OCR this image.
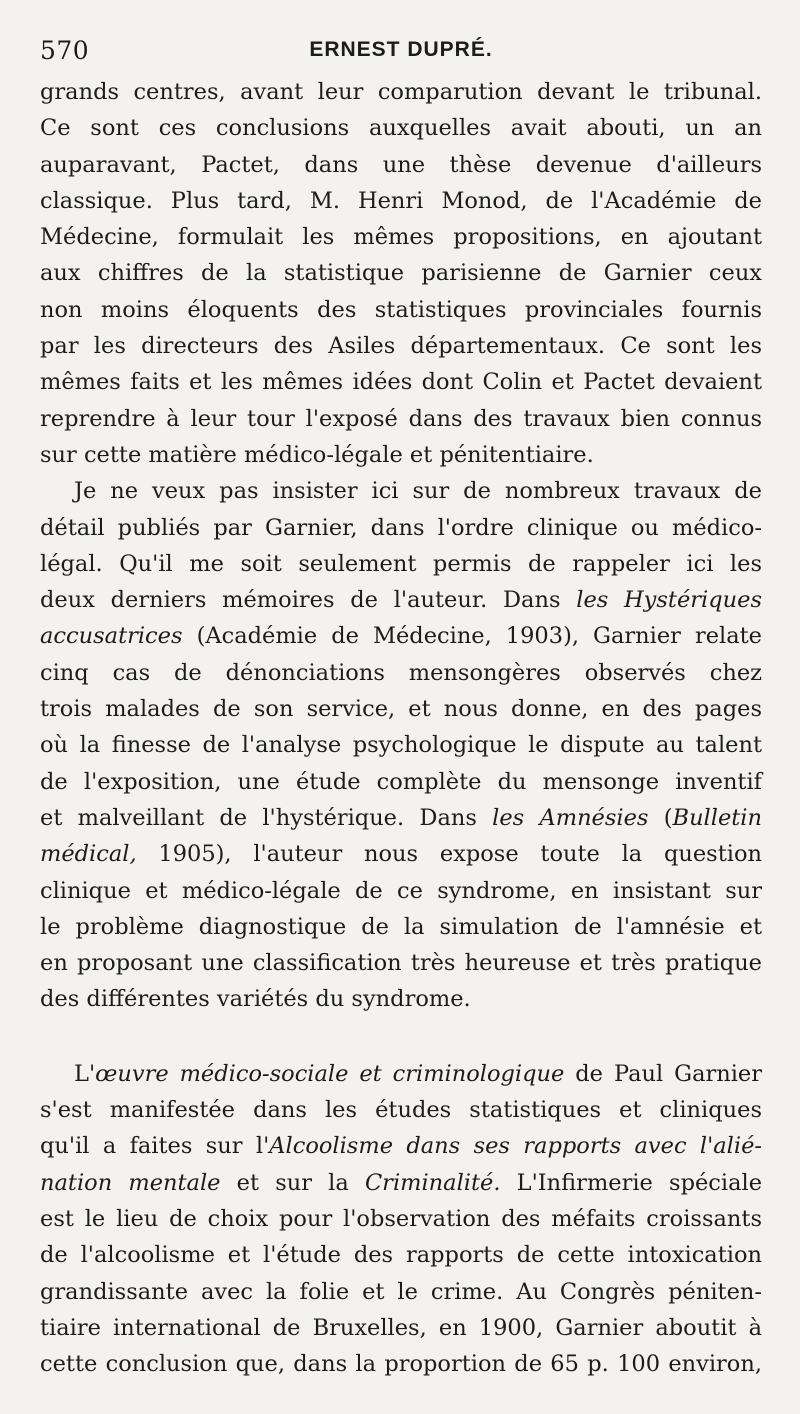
570	ERNEST DUPRÉ.
grands centres, avant leur comparution devant le tribunal.
Ce sont ces conclusions auxquelles avait abouti, un an
auparavant, Pactet, dans une thèse devenue d'ailleurs
classique. Plus tard, M. Henri Monod, de l'Académie de
Médecine, formulait les mêmes propositions, en ajoutant
aux chiffres de la statistique parisienne de Garnier ceux
non moins éloquents des statistiques provinciales fournis
par les directeurs des Asiles départementaux. Ce sont les
mêmes faits et les mêmes idées dont Colin et Pactet devaient
reprendre à leur tour l'exposé dans des travaux bien connus
sur cette matière médico-légale et pénitentiaire.
Je ne veux pas insister ici sur de nombreux travaux de
détail publiés par Garnier, dans l'ordre clinique ou médico-
légal. Qu'il me soit seulement permis de rappeler ici les
deux derniers mémoires de l'auteur. Dans les Hystériques
accusatrices (Académie de Médecine, 1903), Garnier relate
cinq cas de dénonciations mensongères observés chez
trois malades de son service, et nous donne, en des pages
où la finesse de l'analyse psychologique le dispute au talent
de l'exposition, une étude complète du mensonge inventif
et malveillant de l'hystérique. Dans les Amnésies (Bulletin
médical, 1905), l'auteur nous expose toute la question
clinique et médico-légale de ce syndrome, en insistant sur
le problème diagnostique de la simulation de l'amnésie et
en proposant une classification très heureuse et très pratique
des différentes variétés du syndrome.
L'œuvre médico-sociale et criminologique de Paul Garnier
s'est manifestée dans les études statistiques et cliniques
qu'il a faites sur l'Alcoolisme dans ses rapports avec l'alié-
nation mentale et sur la Criminalité. L'Infirmerie spéciale
est le lieu de choix pour l'observation des méfaits croissants
de l'alcoolisme et l'étude des rapports de cette intoxication
grandissante avec la folie et le crime. Au Congrès péniten-
tiaire international de Bruxelles, en 1900, Garnier aboutit à
cette conclusion que, dans la proportion de 65 p. 100 environ,
